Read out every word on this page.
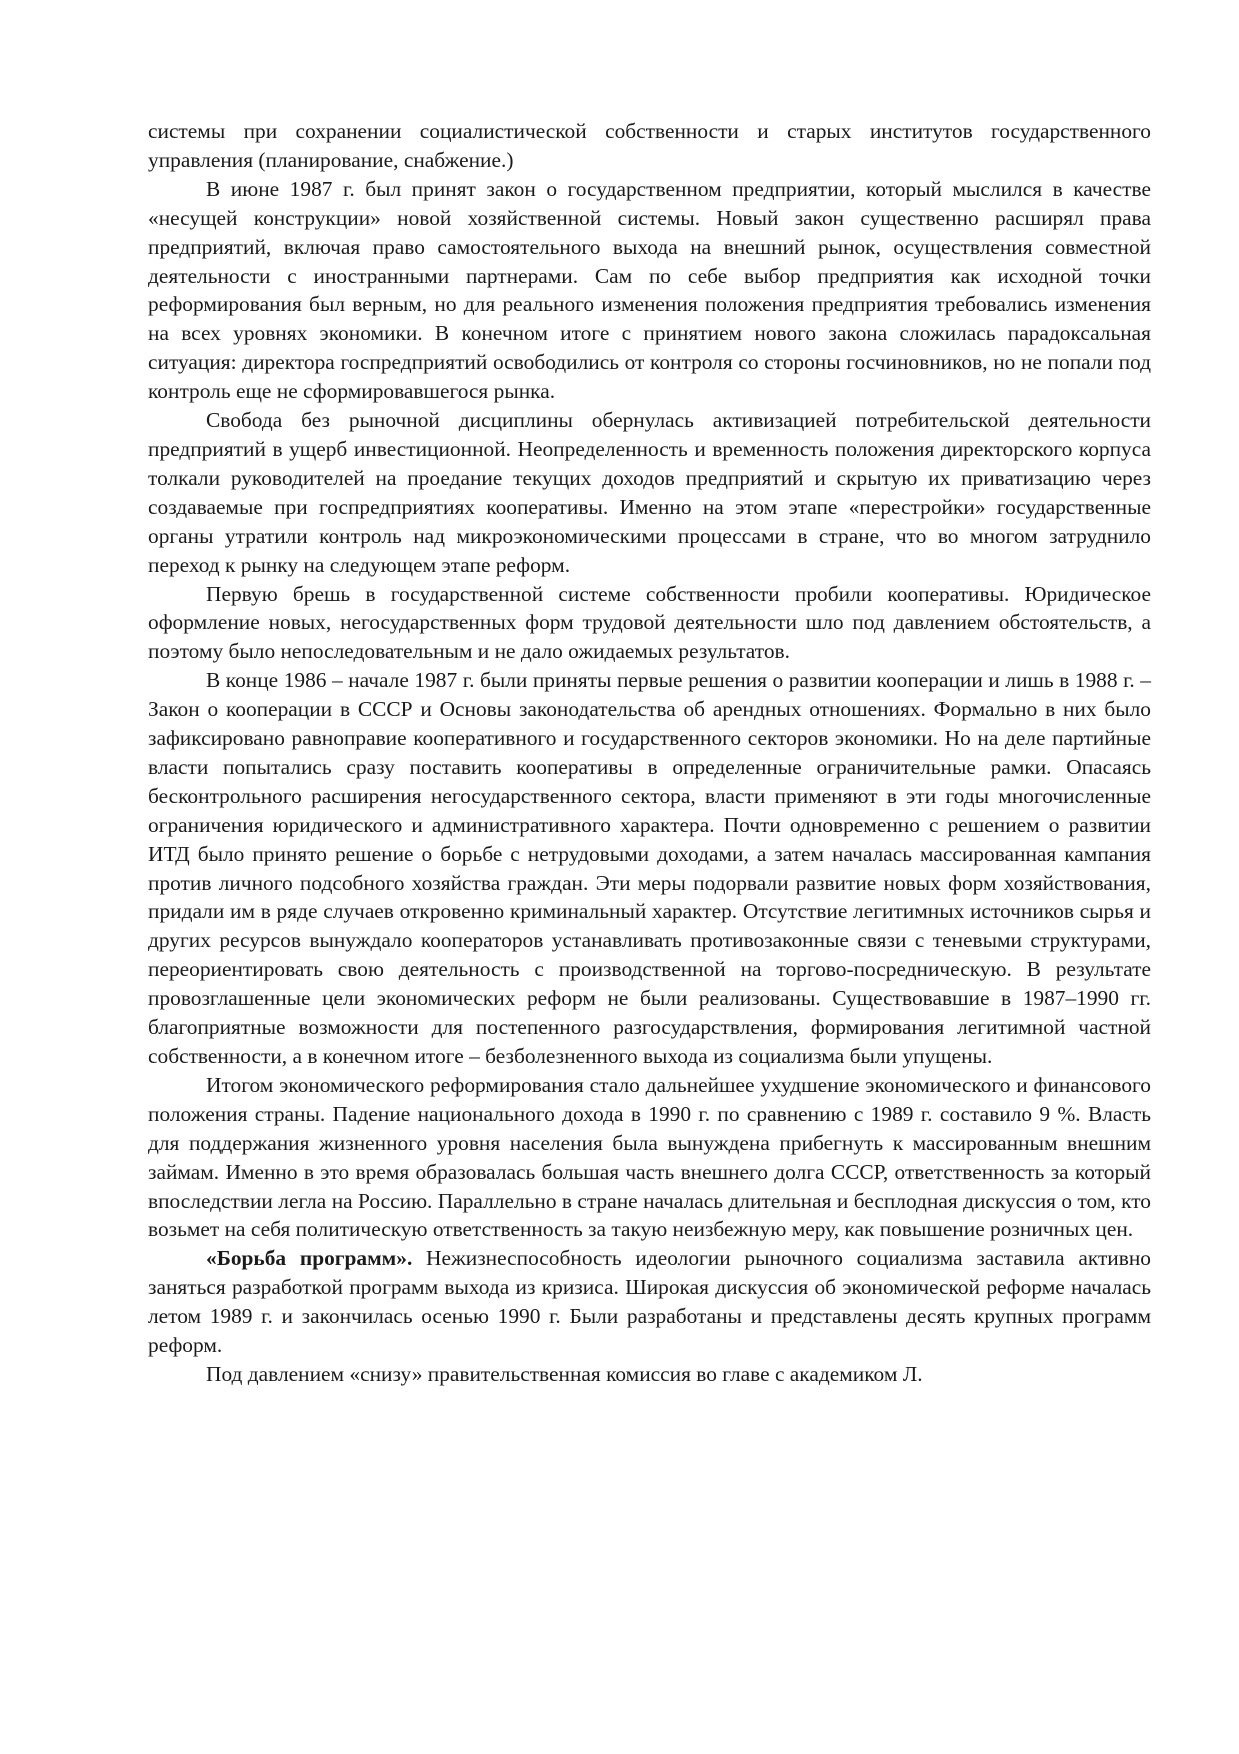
системы при сохранении социалистической собственности и старых институтов государственного управления (планирование, снабжение.)

В июне 1987 г. был принят закон о государственном предприятии, который мыслился в качестве «несущей конструкции» новой хозяйственной системы. Новый закон существенно расширял права предприятий, включая право самостоятельного выхода на внешний рынок, осуществления совместной деятельности с иностранными партнерами. Сам по себе выбор предприятия как исходной точки реформирования был верным, но для реального изменения положения предприятия требовались изменения на всех уровнях экономики. В конечном итоге с принятием нового закона сложилась парадоксальная ситуация: директора госпредприятий освободились от контроля со стороны госчиновников, но не попали под контроль еще не сформировавшегося рынка.

Свобода без рыночной дисциплины обернулась активизацией потребительской деятельности предприятий в ущерб инвестиционной. Неопределенность и временность положения директорского корпуса толкали руководителей на проедание текущих доходов предприятий и скрытую их приватизацию через создаваемые при госпредприятиях кооперативы. Именно на этом этапе «перестройки» государственные органы утратили контроль над микроэкономическими процессами в стране, что во многом затруднило переход к рынку на следующем этапе реформ.

Первую брешь в государственной системе собственности пробили кооперативы. Юридическое оформление новых, негосударственных форм трудовой деятельности шло под давлением обстоятельств, а поэтому было непоследовательным и не дало ожидаемых результатов.

В конце 1986 – начале 1987 г. были приняты первые решения о развитии кооперации и лишь в 1988 г. – Закон о кооперации в СССР и Основы законодательства об арендных отношениях. Формально в них было зафиксировано равноправие кооперативного и государственного секторов экономики. Но на деле партийные власти попытались сразу поставить кооперативы в определенные ограничительные рамки. Опасаясь бесконтрольного расширения негосударственного сектора, власти применяют в эти годы многочисленные ограничения юридического и административного характера. Почти одновременно с решением о развитии ИТД было принято решение о борьбе с нетрудовыми доходами, а затем началась массированная кампания против личного подсобного хозяйства граждан. Эти меры подорвали развитие новых форм хозяйствования, придали им в ряде случаев откровенно криминальный характер. Отсутствие легитимных источников сырья и других ресурсов вынуждало кооператоров устанавливать противозаконные связи с теневыми структурами, переориентировать свою деятельность с производственной на торгово-посредническую. В результате провозглашенные цели экономических реформ не были реализованы. Существовавшие в 1987–1990 гг. благоприятные возможности для постепенного разгосударствления, формирования легитимной частной собственности, а в конечном итоге – безболезненного выхода из социализма были упущены.

Итогом экономического реформирования стало дальнейшее ухудшение экономического и финансового положения страны. Падение национального дохода в 1990 г. по сравнению с 1989 г. составило 9 %. Власть для поддержания жизненного уровня населения была вынуждена прибегнуть к массированным внешним займам. Именно в это время образовалась большая часть внешнего долга СССР, ответственность за который впоследствии легла на Россию. Параллельно в стране началась длительная и бесплодная дискуссия о том, кто возьмет на себя политическую ответственность за такую неизбежную меру, как повышение розничных цен.

«Борьба программ». Нежизнеспособность идеологии рыночного социализма заставила активно заняться разработкой программ выхода из кризиса. Широкая дискуссия об экономической реформе началась летом 1989 г. и закончилась осенью 1990 г. Были разработаны и представлены десять крупных программ реформ.

Под давлением «снизу» правительственная комиссия во главе с академиком Л.
